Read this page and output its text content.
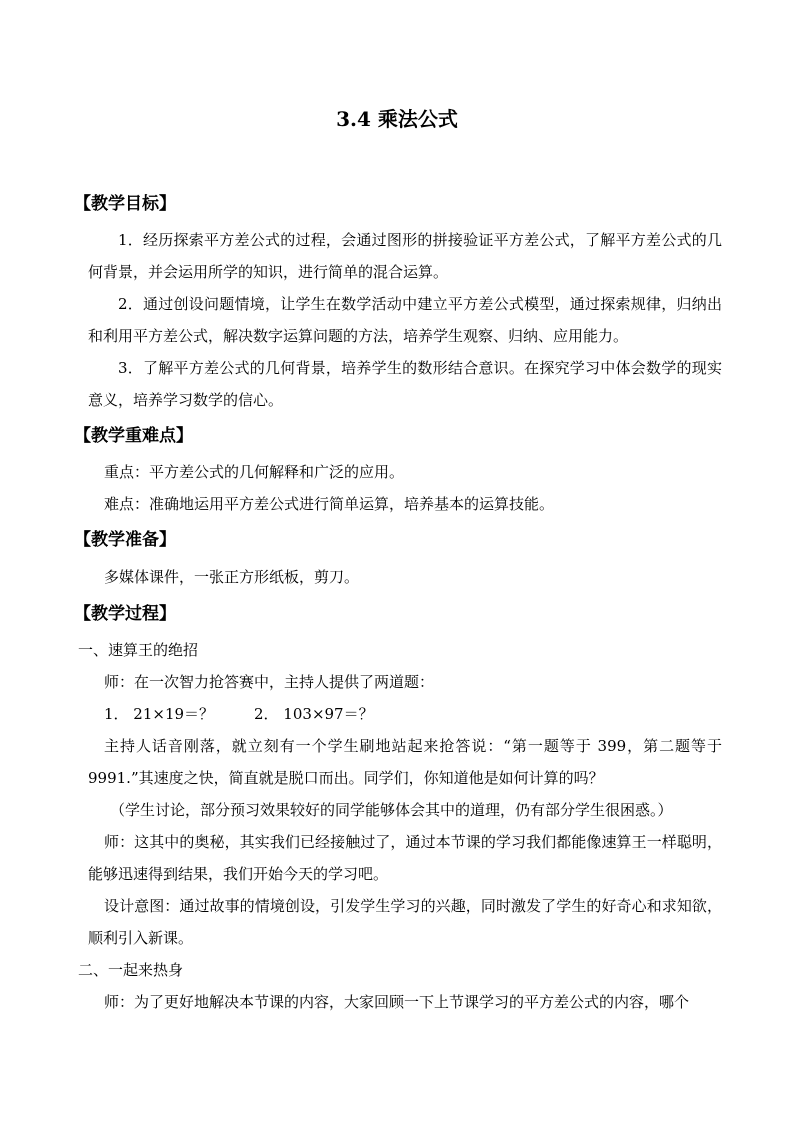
3.4 乘法公式
【教学目标】
1．经历探索平方差公式的过程，会通过图形的拼接验证平方差公式，了解平方差公式的几何背景，并会运用所学的知识，进行简单的混合运算。
2．通过创设问题情境，让学生在数学活动中建立平方差公式模型，通过探索规律，归纳出和利用平方差公式，解决数字运算问题的方法，培养学生观察、归纳、应用能力。
3．了解平方差公式的几何背景，培养学生的数形结合意识。在探究学习中体会数学的现实意义，培养学习数学的信心。
【教学重难点】
重点：平方差公式的几何解释和广泛的应用。
难点：准确地运用平方差公式进行简单运算，培养基本的运算技能。
【教学准备】
多媒体课件，一张正方形纸板，剪刀。
【教学过程】
一、速算王的绝招
师：在一次智力抢答赛中，主持人提供了两道题：
1． 21×19＝？	2． 103×97＝？
主持人话音刚落，就立刻有一个学生刷地站起来抢答说：“第一题等于 399，第二题等于 9991.”其速度之快，简直就是脱口而出。同学们，你知道他是如何计算的吗？
（学生讨论，部分预习效果较好的同学能够体会其中的道理，仍有部分学生很困惑。）
师：这其中的奥秘，其实我们已经接触过了，通过本节课的学习我们都能像速算王一样聪明，能够迅速得到结果，我们开始今天的学习吧。
设计意图：通过故事的情境创设，引发学生学习的兴趣，同时激发了学生的好奇心和求知欲，顺利引入新课。
二、一起来热身
师：为了更好地解决本节课的内容，大家回顾一下上节课学习的平方差公式的内容，哪个
